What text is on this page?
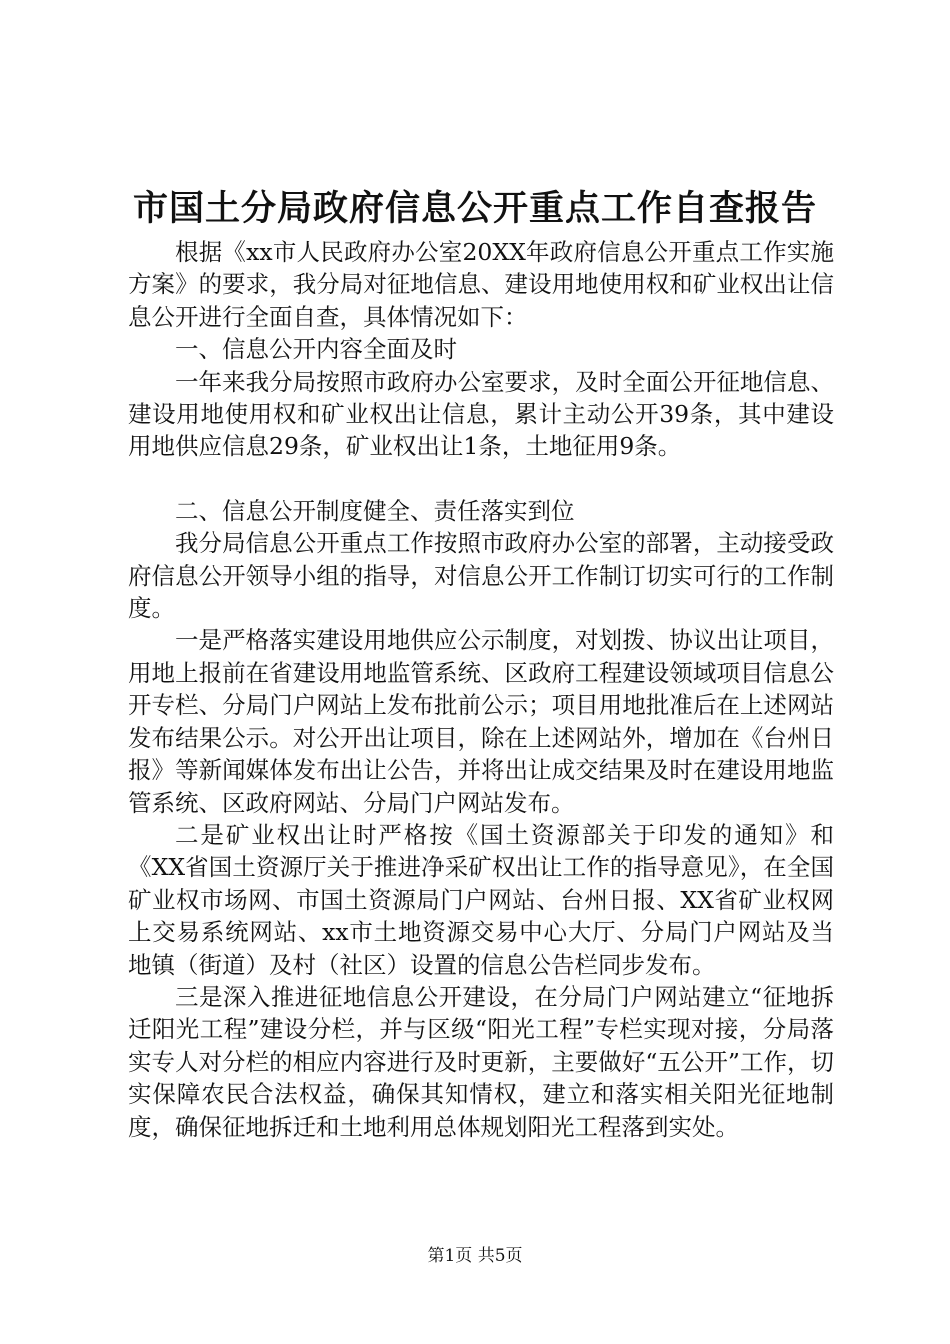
市国土分局政府信息公开重点工作自查报告

根据《xx市人民政府办公室20XX年政府信息公开重点工作实施方案》的要求，我分局对征地信息、建设用地使用权和矿业权出让信息公开进行全面自查，具体情况如下：

一、信息公开内容全面及时

一年来我分局按照市政府办公室要求，及时全面公开征地信息、建设用地使用权和矿业权出让信息，累计主动公开39条，其中建设用地供应信息29条，矿业权出让1条，土地征用9条。

二、信息公开制度健全、责任落实到位

我分局信息公开重点工作按照市政府办公室的部署，主动接受政府信息公开领导小组的指导，对信息公开工作制订切实可行的工作制度。

一是严格落实建设用地供应公示制度，对划拨、协议出让项目，用地上报前在省建设用地监管系统、区政府工程建设领域项目信息公开专栏、分局门户网站上发布批前公示；项目用地批准后在上述网站发布结果公示。对公开出让项目，除在上述网站外，增加在《台州日报》等新闻媒体发布出让公告，并将出让成交结果及时在建设用地监管系统、区政府网站、分局门户网站发布。

二是矿业权出让时严格按《国土资源部关于印发的通知》和《XX省国土资源厅关于推进净采矿权出让工作的指导意见》，在全国矿业权市场网、市国土资源局门户网站、台州日报、XX省矿业权网上交易系统网站、xx市土地资源交易中心大厅、分局门户网站及当地镇（街道）及村（社区）设置的信息公告栏同步发布。

三是深入推进征地信息公开建设，在分局门户网站建立“征地拆迁阳光工程”建设分栏，并与区级“阳光工程”专栏实现对接，分局落实专人对分栏的相应内容进行及时更新，主要做好“五公开”工作，切实保障农民合法权益，确保其知情权，建立和落实相关阳光征地制度，确保征地拆迁和土地利用总体规划阳光工程落到实处。

第1页 共5页
